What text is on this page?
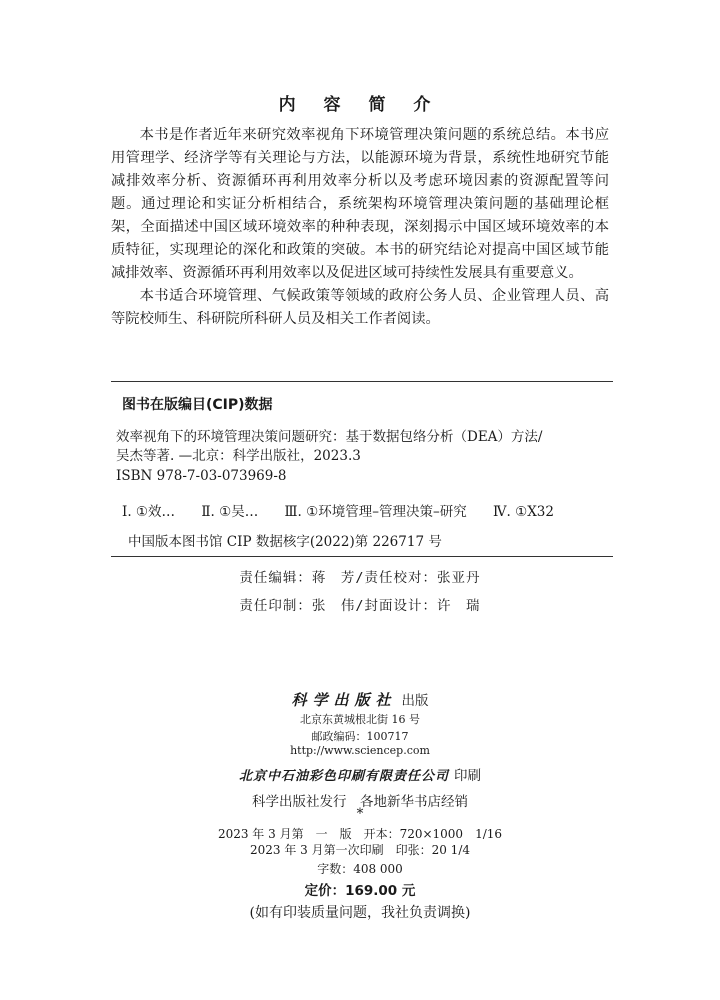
内 容 简 介

本书是作者近年来研究效率视角下环境管理决策问题的系统总结。本书应用管理学、经济学等有关理论与方法，以能源环境为背景，系统性地研究节能减排效率分析、资源循环再利用效率分析以及考虑环境因素的资源配置等问题。通过理论和实证分析相结合，系统架构环境管理决策问题的基础理论框架，全面描述中国区域环境效率的种种表现，深刻揭示中国区域环境效率的本质特征，实现理论的深化和政策的突破。本书的研究结论对提高中国区域节能减排效率、资源循环再利用效率以及促进区域可持续性发展具有重要意义。

本书适合环境管理、气候政策等领域的政府公务人员、企业管理人员、高等院校师生、科研院所科研人员及相关工作者阅读。

图书在版编目(CIP)数据
效率视角下的环境管理决策问题研究：基于数据包络分析（DEA）方法/
吴杰等著. —北京：科学出版社，2023.3
ISBN 978-7-03-073969-8
Ⅰ. ①效… Ⅱ. ①吴… Ⅲ. ①环境管理–管理决策–研究 Ⅳ. ①X32
中国版本图书馆 CIP 数据核字(2022)第 226717 号
责任编辑：蒋　芳/责任校对：张亚丹
责任印制：张　伟/封面设计：许　瑞
科学出版社 出版
北京东黄城根北街 16 号
邮政编码：100717
http://www.sciencep.com
北京中石油彩色印刷有限责任公司 印刷
科学出版社发行　各地新华书店经销
*
2023 年 3 月第　一　版　开本：720×1000　1/16
2023 年 3 月第一次印刷　印张：20 1/4
字数：408 000
定价：169.00 元
(如有印装质量问题，我社负责调换)
